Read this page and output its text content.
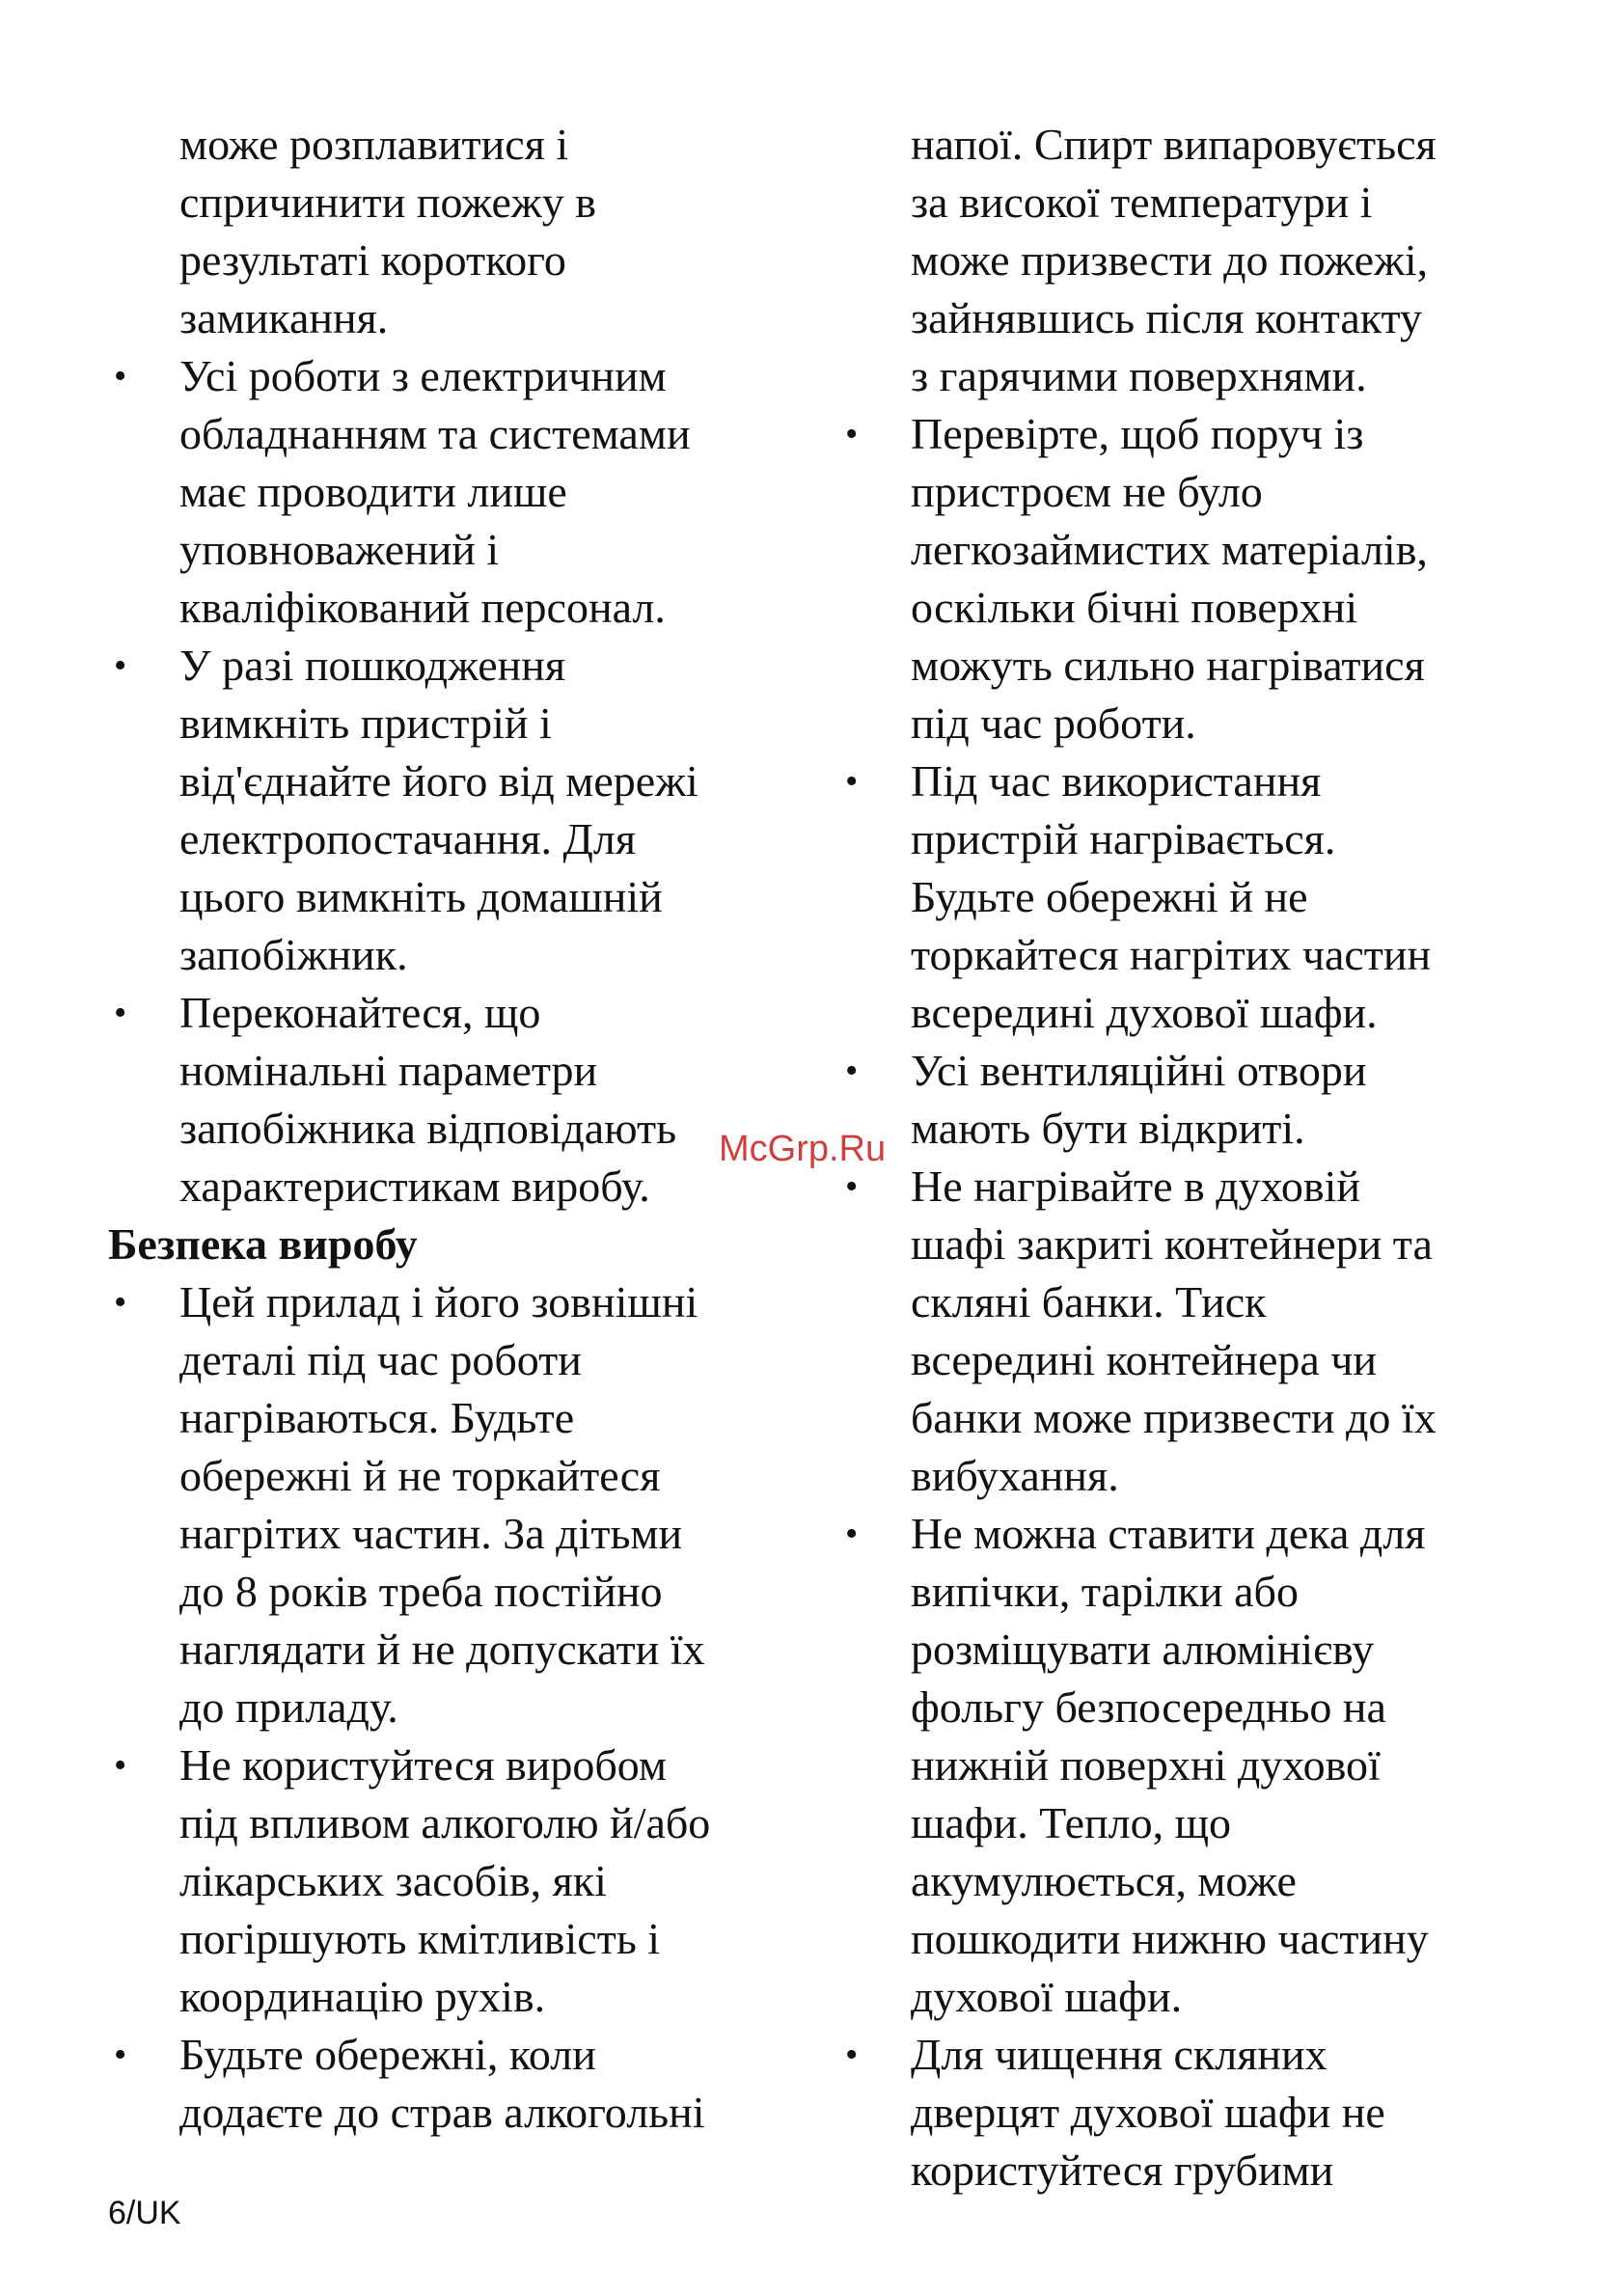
може розплавитися і
спричинити пожежу в
результаті короткого
замикання.
• Усі роботи з електричним
обладнанням та системами
має проводити лише
уповноважений і
кваліфікований персонал.
• У разі пошкодження
вимкніть пристрій і
від'єднайте його від мережі
електропостачання. Для
цього вимкніть домашній
запобіжник.
• Переконайтеся, що
номінальні параметри
запобіжника відповідають
характеристикам виробу.
Безпека виробу
• Цей прилад і його зовнішні
деталі під час роботи
нагріваються. Будьте
обережні й не торкайтеся
нагрітих частин. За дітьми
до 8 років треба постійно
наглядати й не допускати їх
до приладу.
• Не користуйтеся виробом
під впливом алкоголю й/або
лікарських засобів, які
погіршують кмітливість і
координацію рухів.
• Будьте обережні, коли
додаєте до страв алкогольні
напої. Спирт випаровується
за високої температури і
може призвести до пожежі,
зайнявшись після контакту
з гарячими поверхнями.
• Перевірте, щоб поруч із
пристроєм не було
легкозаймистих матеріалів,
оскільки бічні поверхні
можуть сильно нагріватися
під час роботи.
• Під час використання
пристрій нагрівається.
Будьте обережні й не
торкайтеся нагрітих частин
всередині духової шафи.
• Усі вентиляційні отвори
мають бути відкриті.
• Не нагрівайте в духовій
шафі закриті контейнери та
скляні банки. Тиск
всередині контейнера чи
банки може призвести до їх
вибухання.
• Не можна ставити дека для
випічки, тарілки або
розміщувати алюмінієву
фольгу безпосередньо на
нижній поверхні духової
шафи. Тепло, що
акумулюється, може
пошкодити нижню частину
духової шафи.
• Для чищення скляних
дверцят духової шафи не
користуйтеся грубими
McGrp.Ru
6/UK
